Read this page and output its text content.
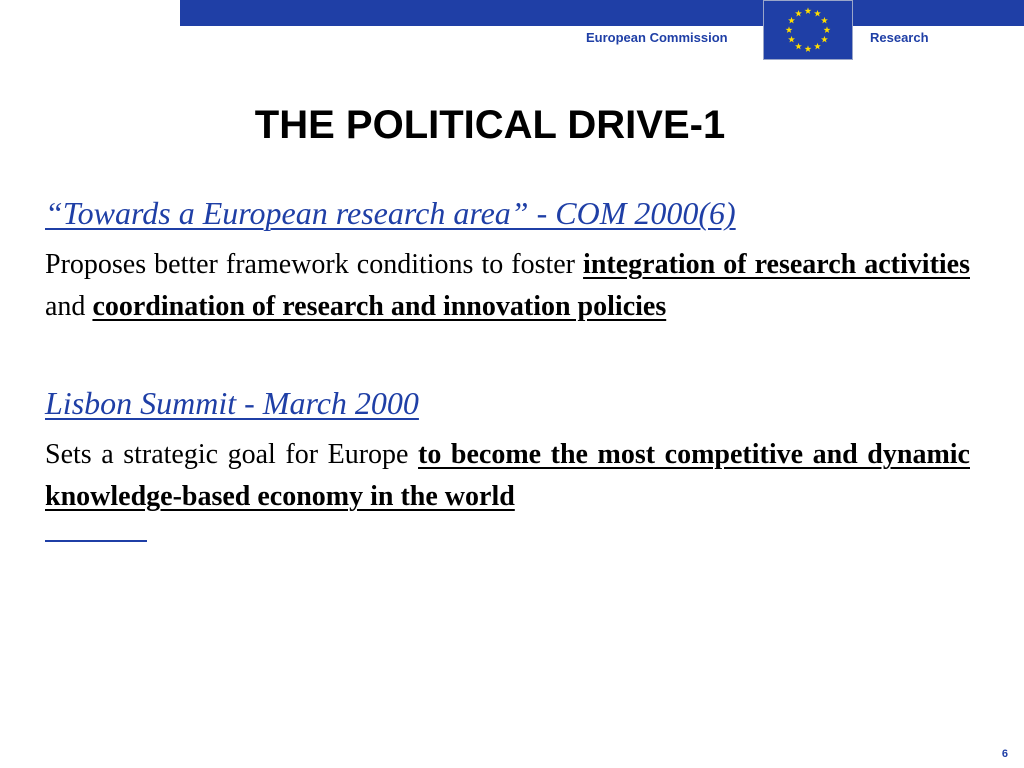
European Commission	Research
THE POLITICAL DRIVE-1

“Towards a European research area” - COM 2000(6)

Proposes better framework conditions to foster integration of research activities and coordination of research and innovation policies

Lisbon Summit - March 2000

Sets a strategic goal for Europe to become the most competitive and dynamic knowledge-based economy in the world

6
